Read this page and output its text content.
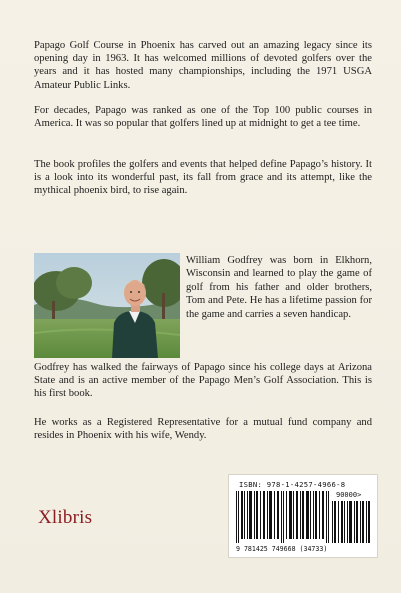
Papago Golf Course in Phoenix has carved out an amazing legacy since its opening day in 1963. It has welcomed millions of devoted golfers over the years and it has hosted many championships, including the 1971 USGA Amateur Public Links.

For decades, Papago was ranked as one of the Top 100 public courses in America. It was so popular that golfers lined up at midnight to get a tee time.

The book profiles the golfers and events that helped define Papago’s history. It is a look into its wonderful past, its fall from grace and its attempt, like the mythical phoenix bird, to rise again.

William Godfrey was born in Elkhorn, Wisconsin and learned to play the game of golf from his father and older brothers, Tom and Pete. He has a lifetime passion for the game and carries a seven handicap.

Godfrey has walked the fairways of Papago since his college days at Arizona State and is an active member of the Papago Men’s Golf Association. This is his first book.

He works as a Registered Representative for a mutual fund company and resides in Phoenix with his wife, Wendy.

Xlibris
ISBN: 978-1-4257-4966-8
90000>
9 781425 749668 (34733)
